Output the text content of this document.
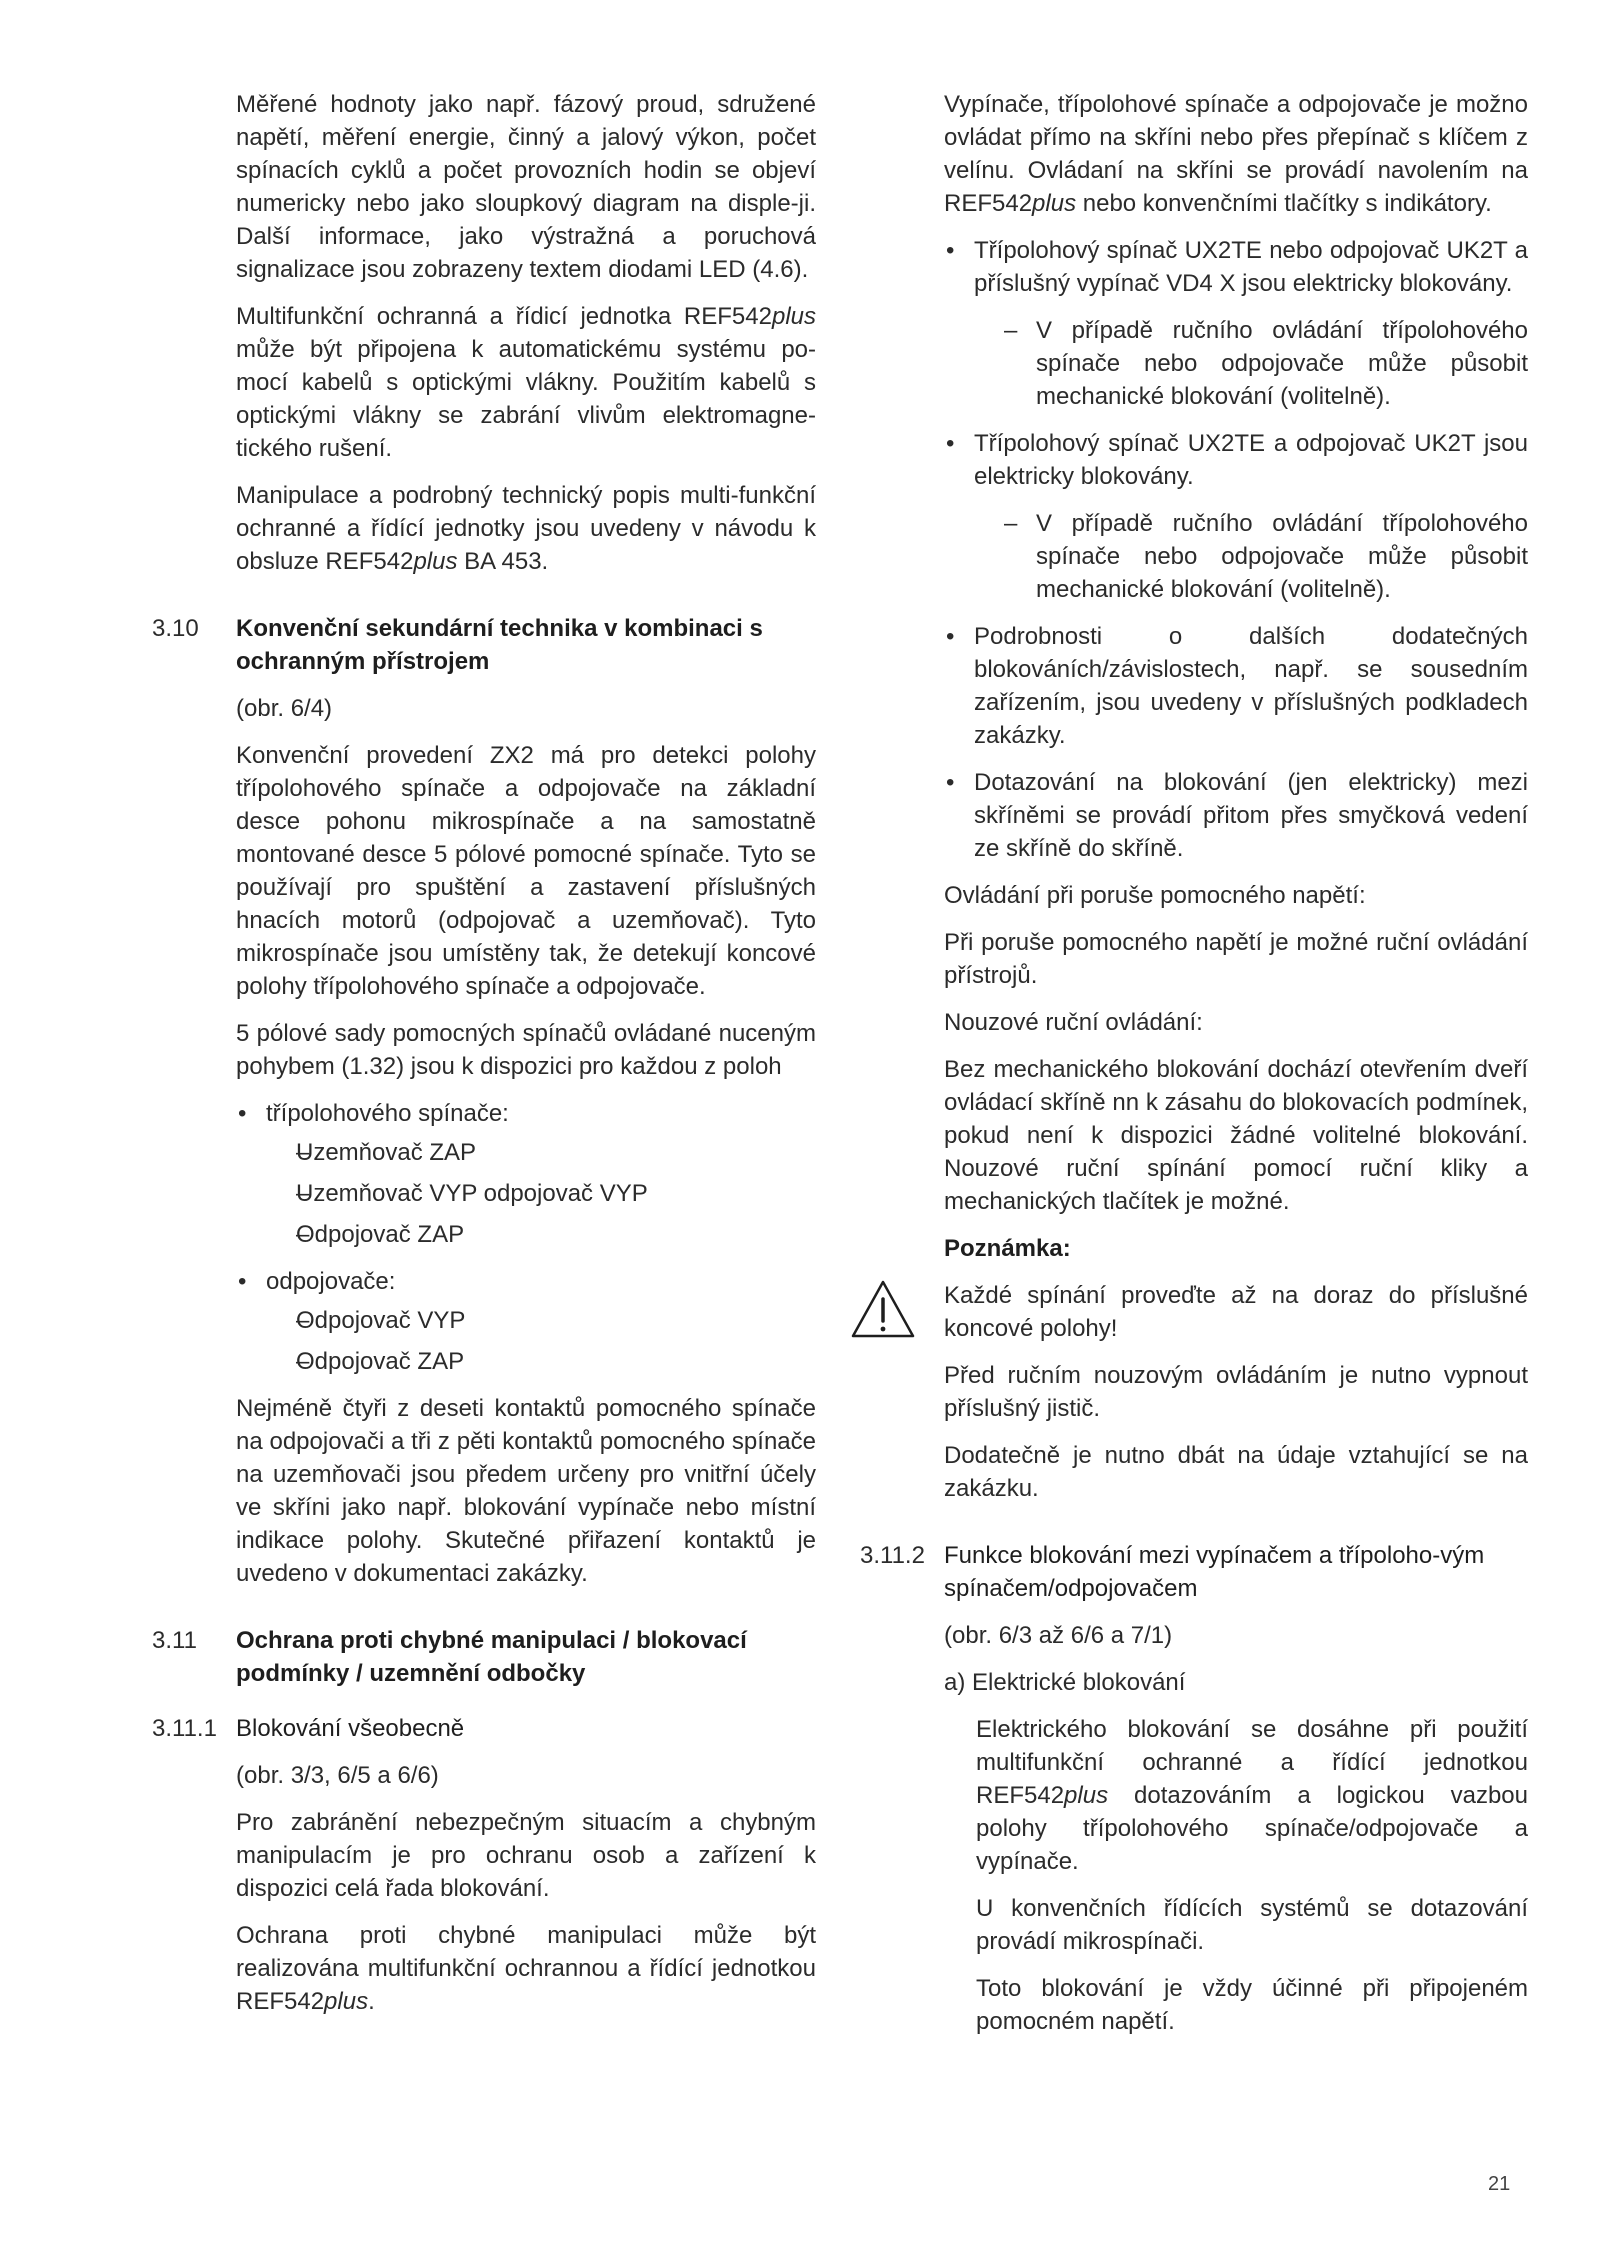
Měřené hodnoty jako např. fázový proud, sdružené napětí, měření energie, činný a jalový výkon, počet spínacích cyklů a počet provozních hodin se objeví numericky nebo jako sloupkový diagram na disple-ji. Další informace, jako výstražná a poruchová signalizace jsou zobrazeny textem diodami LED (4.6).

Multifunkční ochranná a řídicí jednotka REF542plus může být připojena k automatickému systému po-mocí kabelů s optickými vlákny. Použitím kabelů s optickými vlákny se zabrání vlivům elektromagne-tického rušení.

Manipulace a podrobný technický popis multi-funkční ochranné a řídící jednotky jsou uvedeny v návodu k obsluze REF542plus BA 453.

3.10 Konvenční sekundární technika v kombinaci s ochranným přístrojem

(obr. 6/4)

Konvenční provedení ZX2 má pro detekci polohy třípolohového spínače a odpojovače na základní desce pohonu mikrospínače a na samostatně montované desce 5 pólové pomocné spínače. Tyto se používají pro spuštění a zastavení příslušných hnacích motorů (odpojovač a uzemňovač). Tyto mikrospínače jsou umístěny tak, že detekují koncové polohy třípolohového spínače a odpojovače.

5 pólové sady pomocných spínačů ovládané nuceným pohybem (1.32) jsou k dispozici pro každou z poloh

• třípolohového spínače:
– Uzemňovač ZAP
– Uzemňovač VYP odpojovač VYP
– Odpojovač ZAP
• odpojovače:
– Odpojovač VYP
– Odpojovač ZAP

Nejméně čtyři z deseti kontaktů pomocného spínače na odpojovači a tři z pěti kontaktů pomocného spínače na uzemňovači jsou předem určeny pro vnitřní účely ve skříni jako např. blokování vypínače nebo místní indikace polohy. Skutečné přiřazení kontaktů je uvedeno v dokumentaci zakázky.

3.11 Ochrana proti chybné manipulaci / blokovací podmínky / uzemnění odbočky
3.11.1 Blokování všeobecně

(obr. 3/3, 6/5 a 6/6)

Pro zabránění nebezpečným situacím a chybným manipulacím je pro ochranu osob a zařízení k dispozici celá řada blokování.

Ochrana proti chybné manipulaci může být realizována multifunkční ochrannou a řídící jednotkou REF542plus.

Vypínače, třípolohové spínače a odpojovače je možno ovládat přímo na skříni nebo přes přepínač s klíčem z velínu. Ovládaní na skříni se provádí navolením na REF542plus nebo konvenčními tlačítky s indikátory.

• Třípolohový spínač UX2TE nebo odpojovač UK2T a příslušný vypínač VD4 X jsou elektricky blokovány.
– V případě ručního ovládání třípolohového spínače nebo odpojovače může působit mechanické blokování (volitelně).
• Třípolohový spínač UX2TE a odpojovač UK2T jsou elektricky blokovány.
– V případě ručního ovládání třípolohového spínače nebo odpojovače může působit mechanické blokování (volitelně).
• Podrobnosti o dalších dodatečných blokováních/závislostech, např. se sousedním zařízením, jsou uvedeny v příslušných podkladech zakázky.
• Dotazování na blokování (jen elektricky) mezi skříněmi se provádí přitom přes smyčková vedení ze skříně do skříně.

Ovládání při poruše pomocného napětí:

Při poruše pomocného napětí je možné ruční ovládání přístrojů.

Nouzové ruční ovládání:

Bez mechanického blokování dochází otevřením dveří ovládací skříně nn k zásahu do blokovacích podmínek, pokud není k dispozici žádné volitelné blokování. Nouzové ruční spínání pomocí ruční kliky a mechanických tlačítek je možné.

Poznámka:

Každé spínání proveďte až na doraz do příslušné koncové polohy!

Před ručním nouzovým ovládáním je nutno vypnout příslušný jistič.

Dodatečně je nutno dbát na údaje vztahující se na zakázku.

3.11.2 Funkce blokování mezi vypínačem a třípoloho-vým spínačem/odpojovačem

(obr. 6/3 až 6/6 a 7/1)

a) Elektrické blokování

Elektrického blokování se dosáhne při použití multifunkční ochranné a řídící jednotkou REF542plus dotazováním a logickou vazbou polohy třípolohového spínače/odpojovače a vypínače.

U konvenčních řídících systémů se dotazování provádí mikrospínači.

Toto blokování je vždy účinné při připojeném pomocném napětí.

21
